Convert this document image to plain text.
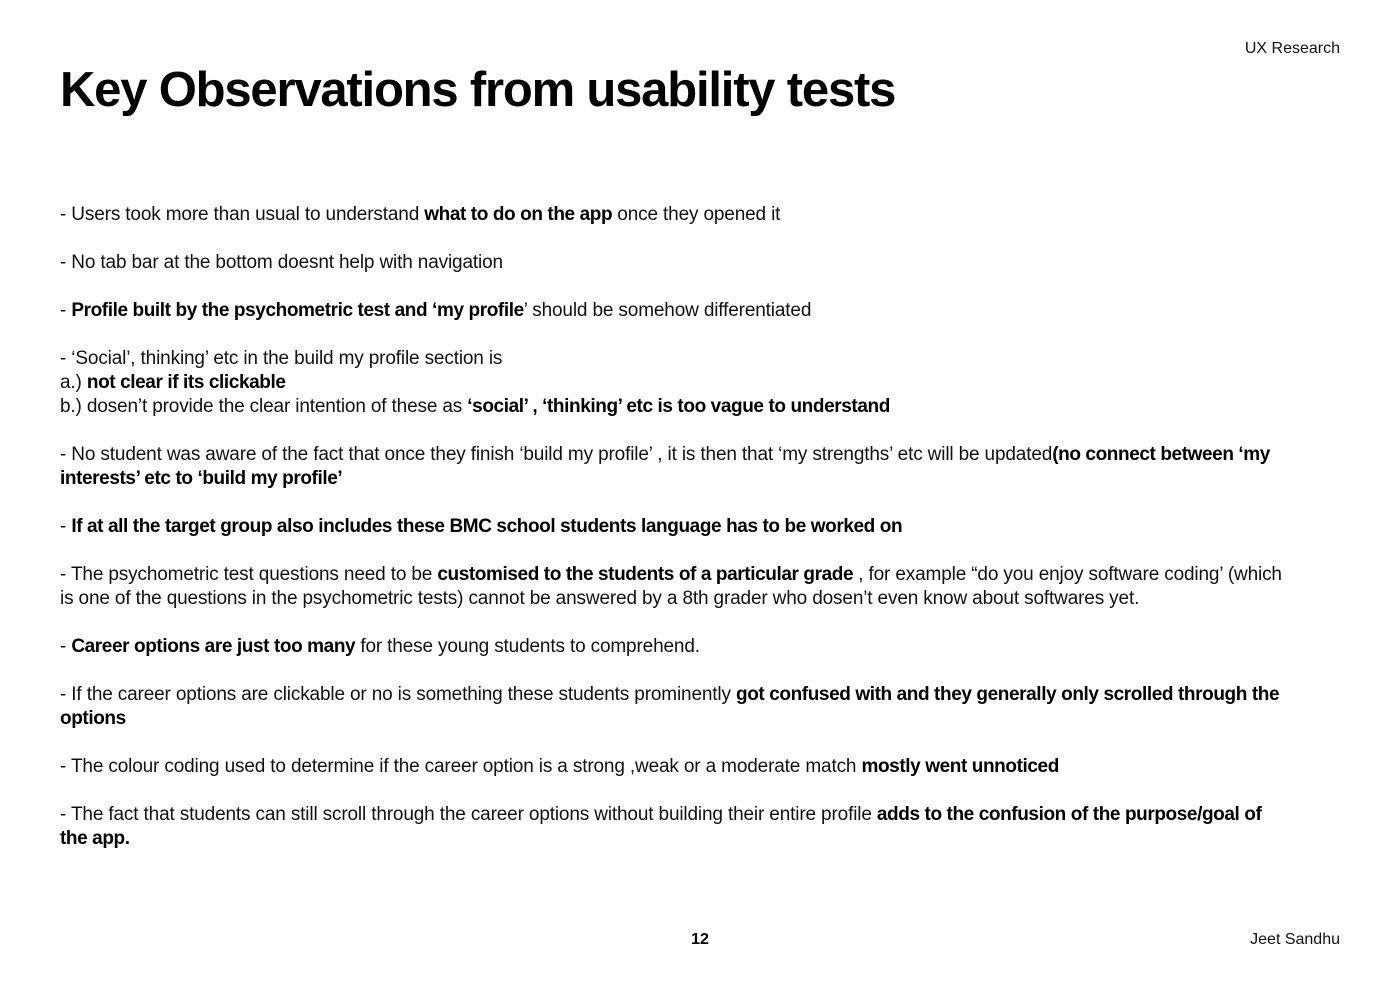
UX Research
Key Observations from usability tests

- Users took more than usual to understand what to do on the app once they opened it

- No tab bar at the bottom doesnt help with navigation

- Profile built by the psychometric test and ‘my profile’ should be somehow differentiated

- ‘Social’, thinking’ etc in the build my profile section is
a.) not clear if its clickable
b.) dosen’t provide the clear intention of these as ‘social’ , ‘thinking’ etc is too vague to understand

- No student was aware of the fact that once they finish ‘build my profile’ , it is then that ‘my strengths’ etc will be updated(no connect between ‘my interests’ etc to ‘build my profile’

- If at all the target group also includes these BMC school students language has to be worked on

- The psychometric test questions need to be customised to the students of a particular grade , for example “do you enjoy software coding’ (which is one of the questions in the psychometric tests) cannot be answered by a 8th grader who dosen’t even know about softwares yet.

- Career options are just too many for these young students to comprehend.

- If the career options are clickable or no is something these students prominently got confused with and they generally only scrolled through the options

- The colour coding used to determine if the career option is a strong ,weak or a moderate match mostly went unnoticed

- The fact that students can still scroll through the career options without building their entire profile adds to the confusion of the purpose/goal of the app.

12	Jeet Sandhu
